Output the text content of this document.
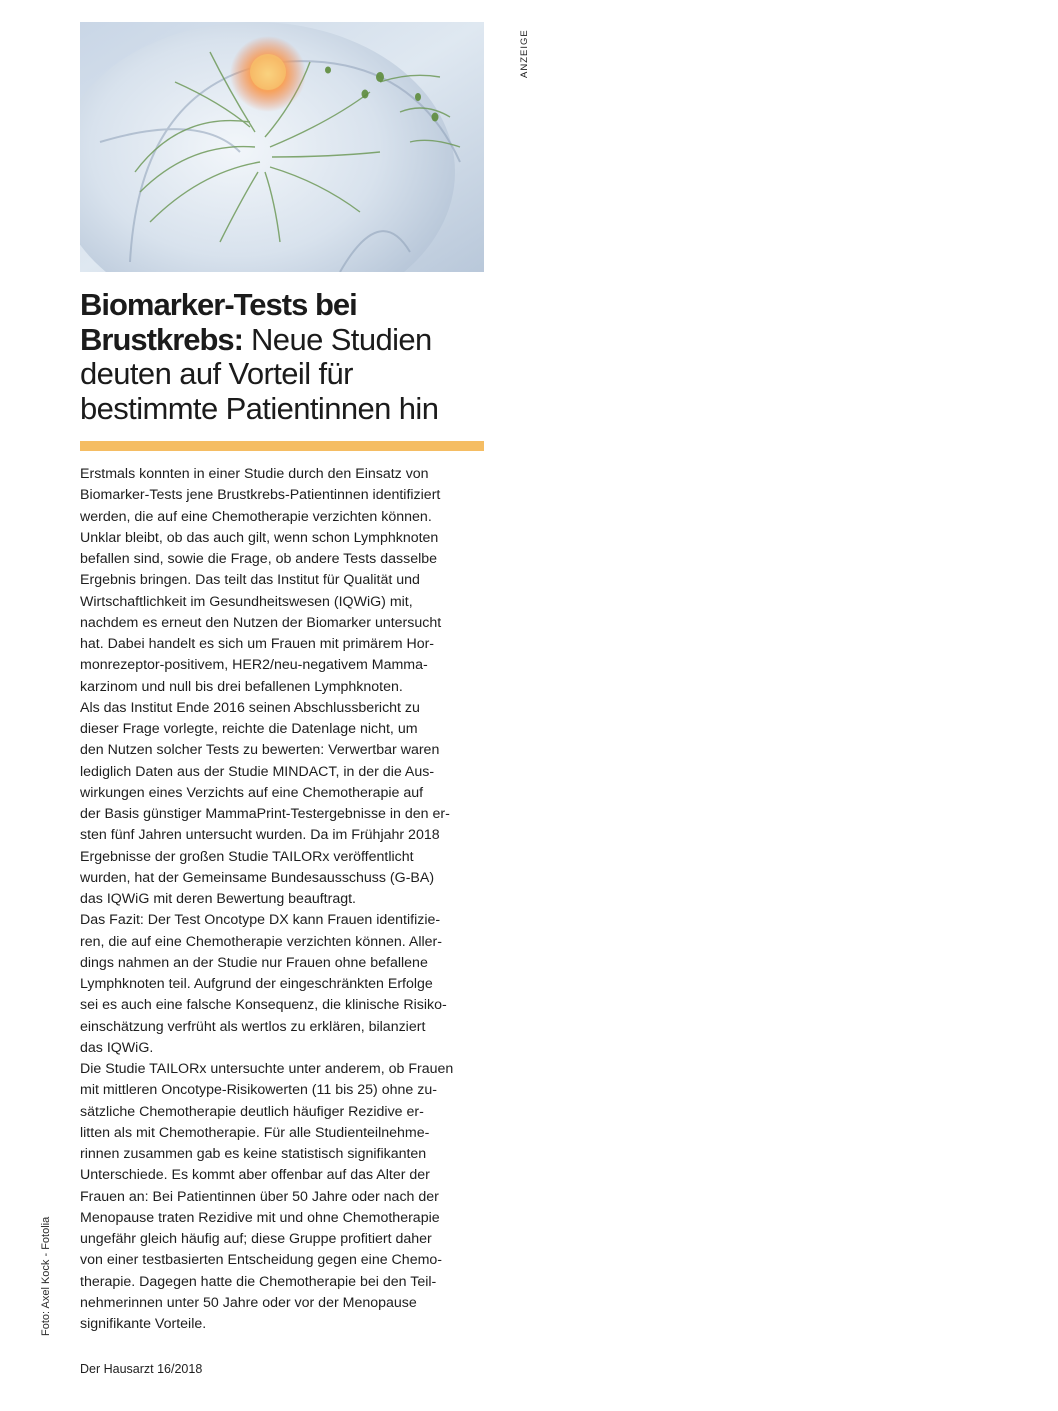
ANZEIGE
Biomarker-Tests bei
Brustkrebs: Neue Studien
deuten auf Vorteil für
bestimmte Patientinnen hin

Erstmals konnten in einer Studie durch den Einsatz von

Biomarker-Tests jene Brustkrebs-Patientinnen identifiziert

werden, die auf eine Chemotherapie verzichten können.

Unklar bleibt, ob das auch gilt, wenn schon Lymphknoten

befallen sind, sowie die Frage, ob andere Tests dasselbe

Ergebnis bringen. Das teilt das Institut für Qualität und

Wirtschaftlichkeit im Gesundheitswesen (IQWiG) mit,

nachdem es erneut den Nutzen der Biomarker untersucht

hat. Dabei handelt es sich um Frauen mit primärem Hor-

monrezeptor-positivem, HER2/neu-negativem Mamma-

karzinom und null bis drei befallenen Lymphknoten.

Als das Institut Ende 2016 seinen Abschlussbericht zu

dieser Frage vorlegte, reichte die Datenlage nicht, um

den Nutzen solcher Tests zu bewerten: Verwertbar waren

lediglich Daten aus der Studie MINDACT, in der die Aus-

wirkungen eines Verzichts auf eine Chemotherapie auf

der Basis günstiger MammaPrint-Testergebnisse in den er-

sten fünf Jahren untersucht wurden. Da im Frühjahr 2018

Ergebnisse der großen Studie TAILORx veröffentlicht

wurden, hat der Gemeinsame Bundesausschuss (G-BA)

das IQWiG mit deren Bewertung beauftragt.

Das Fazit: Der Test Oncotype DX kann Frauen identifizie-

ren, die auf eine Chemotherapie verzichten können. Aller-

dings nahmen an der Studie nur Frauen ohne befallene

Lymphknoten teil. Aufgrund der eingeschränkten Erfolge

sei es auch eine falsche Konsequenz, die klinische Risiko-

einschätzung verfrüht als wertlos zu erklären, bilanziert

das IQWiG.

Die Studie TAILORx untersuchte unter anderem, ob Frauen

mit mittleren Oncotype-Risikowerten (11 bis 25) ohne zu-

sätzliche Chemotherapie deutlich häufiger Rezidive er-

litten als mit Chemotherapie. Für alle Studienteilnehme-

rinnen zusammen gab es keine statistisch signifikanten

Unterschiede. Es kommt aber offenbar auf das Alter der

Frauen an: Bei Patientinnen über 50 Jahre oder nach der

Menopause traten Rezidive mit und ohne Chemotherapie

ungefähr gleich häufig auf; diese Gruppe profitiert daher

von einer testbasierten Entscheidung gegen eine Chemo-

therapie. Dagegen hatte die Chemotherapie bei den Teil-

nehmerinnen unter 50 Jahre oder vor der Menopause

signifikante Vorteile.

Foto: Axel Kock - Fotolia
Der Hausarzt 16/2018
